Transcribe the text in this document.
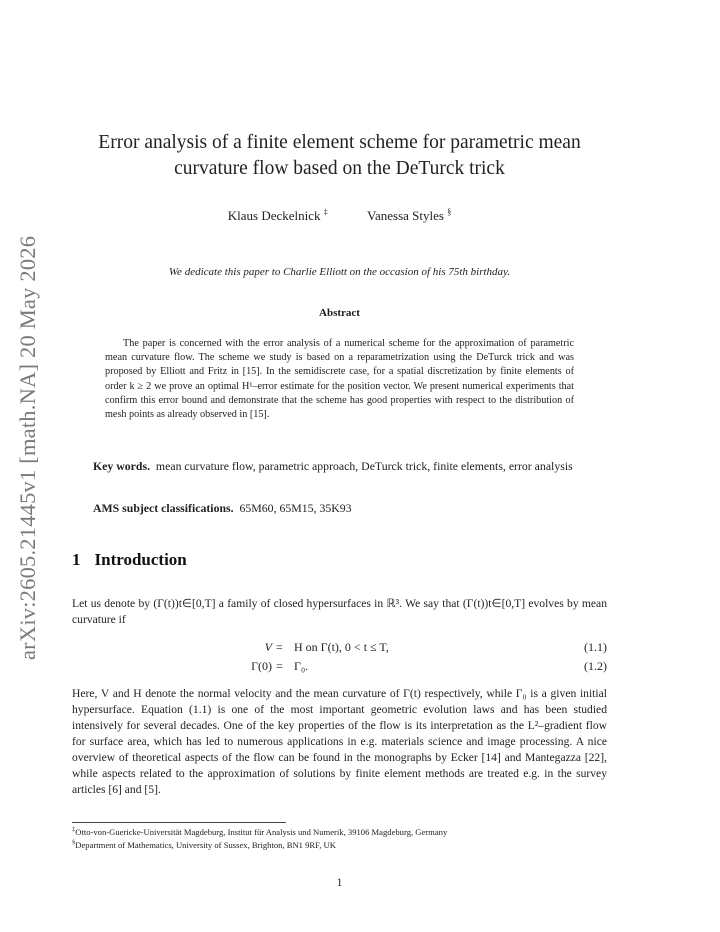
arXiv:2605.21445v1 [math.NA] 20 May 2026
Error analysis of a finite element scheme for parametric mean curvature flow based on the DeTurck trick
Klaus Deckelnick ‡	Vanessa Styles §
We dedicate this paper to Charlie Elliott on the occasion of his 75th birthday.
Abstract
The paper is concerned with the error analysis of a numerical scheme for the approximation of parametric mean curvature flow. The scheme we study is based on a reparametrization using the DeTurck trick and was proposed by Elliott and Fritz in [15]. In the semidiscrete case, for a spatial discretization by finite elements of order k ≥ 2 we prove an optimal H¹–error estimate for the position vector. We present numerical experiments that confirm this error bound and demonstrate that the scheme has good properties with respect to the distribution of mesh points as already observed in [15].
Key words. mean curvature flow, parametric approach, DeTurck trick, finite elements, error analysis
AMS subject classifications. 65M60, 65M15, 35K93
1 Introduction
Let us denote by (Γ(t))t∈[0,T] a family of closed hypersurfaces in ℝ³. We say that (Γ(t))t∈[0,T] evolves by mean curvature if
V = H on Γ(t), 0 < t ≤ T,	(1.1)
Γ(0) = Γ₀.	(1.2)
Here, V and H denote the normal velocity and the mean curvature of Γ(t) respectively, while Γ₀ is a given initial hypersurface. Equation (1.1) is one of the most important geometric evolution laws and has been studied intensively for several decades. One of the key properties of the flow is its interpretation as the L²–gradient flow for surface area, which has led to numerous applications in e.g. materials science and image processing. A nice overview of theoretical aspects of the flow can be found in the monographs by Ecker [14] and Mantegazza [22], while aspects related to the approximation of solutions by finite element methods are treated e.g. in the survey articles [6] and [5].
‡Otto-von-Guericke-Universität Magdeburg, Institut für Analysis und Numerik, 39106 Magdeburg, Germany
§Department of Mathematics, University of Sussex, Brighton, BN1 9RF, UK
1
